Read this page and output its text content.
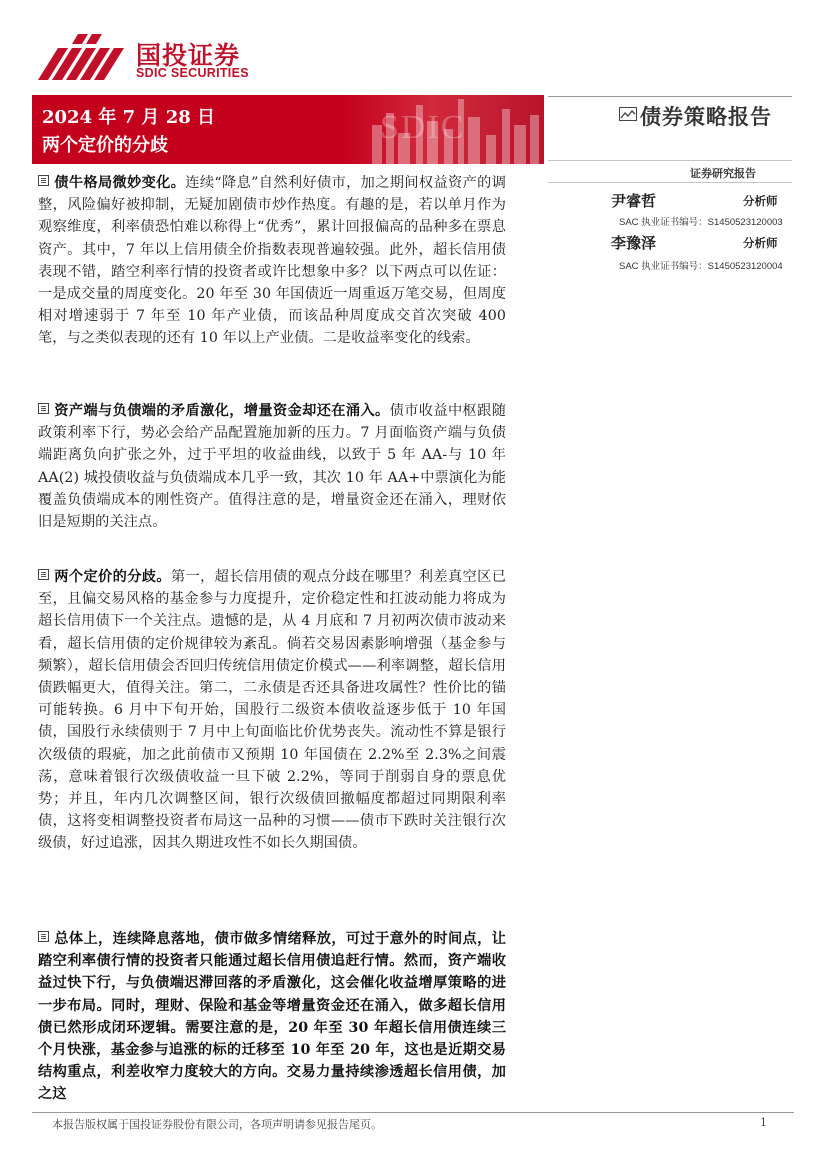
国投证券
SDIC SECURITIES
SDIC
2024 年 7 月 28 日
两个定价的分歧
债券策略报告
证券研究报告
尹睿哲	分析师
SAC 执业证书编号：S1450523120003
李豫泽	分析师
SAC 执业证书编号：S1450523120004
债牛格局微妙变化。连续“降息”自然利好债市，加之期间权益资产的调整，风险偏好被抑制，无疑加剧债市炒作热度。有趣的是，若以单月作为观察维度，利率债恐怕难以称得上“优秀”，累计回报偏高的品种多在票息资产。其中，7 年以上信用债全价指数表现普遍较强。此外，超长信用债表现不错，踏空利率行情的投资者或许比想象中多？以下两点可以佐证：一是成交量的周度变化。20 年至 30 年国债近一周重返万笔交易，但周度相对增速弱于 7 年至 10 年产业债，而该品种周度成交首次突破 400 笔，与之类似表现的还有 10 年以上产业债。二是收益率变化的线索。
资产端与负债端的矛盾激化，增量资金却还在涌入。债市收益中枢跟随政策利率下行，势必会给产品配置施加新的压力。7 月面临资产端与负债端距离负向扩张之外，过于平坦的收益曲线，以致于 5 年 AA-与 10 年 AA(2) 城投债收益与负债端成本几乎一致，其次 10 年 AA+中票演化为能覆盖负债端成本的刚性资产。值得注意的是，增量资金还在涌入，理财依旧是短期的关注点。
两个定价的分歧。第一，超长信用债的观点分歧在哪里？利差真空区已至，且偏交易风格的基金参与力度提升，定价稳定性和扛波动能力将成为超长信用债下一个关注点。遗憾的是，从 4 月底和 7 月初两次债市波动来看，超长信用债的定价规律较为紊乱。倘若交易因素影响增强（基金参与频繁），超长信用债会否回归传统信用债定价模式——利率调整，超长信用债跌幅更大，值得关注。第二，二永债是否还具备进攻属性？性价比的锚可能转换。6 月中下旬开始，国股行二级资本债收益逐步低于 10 年国债，国股行永续债则于 7 月中上旬面临比价优势丧失。流动性不算是银行次级债的瑕疵，加之此前债市又预期 10 年国债在 2.2%至 2.3%之间震荡，意味着银行次级债收益一旦下破 2.2%，等同于削弱自身的票息优势；并且，年内几次调整区间，银行次级债回撤幅度都超过同期限利率债，这将变相调整投资者布局这一品种的习惯——债市下跌时关注银行次级债，好过追涨，因其久期进攻性不如长久期国债。
总体上，连续降息落地，债市做多情绪释放，可过于意外的时间点，让踏空利率债行情的投资者只能通过超长信用债追赶行情。然而，资产端收益过快下行，与负债端迟滞回落的矛盾激化，这会催化收益增厚策略的进一步布局。同时，理财、保险和基金等增量资金还在涌入，做多超长信用债已然形成闭环逻辑。需要注意的是，20 年至 30 年超长信用债连续三个月快涨，基金参与追涨的标的迁移至 10 年至 20 年，这也是近期交易结构重点，利差收窄力度较大的方向。交易力量持续渗透超长信用债，加之这
本报告版权属于国投证券股份有限公司，各项声明请参见报告尾页。	1
